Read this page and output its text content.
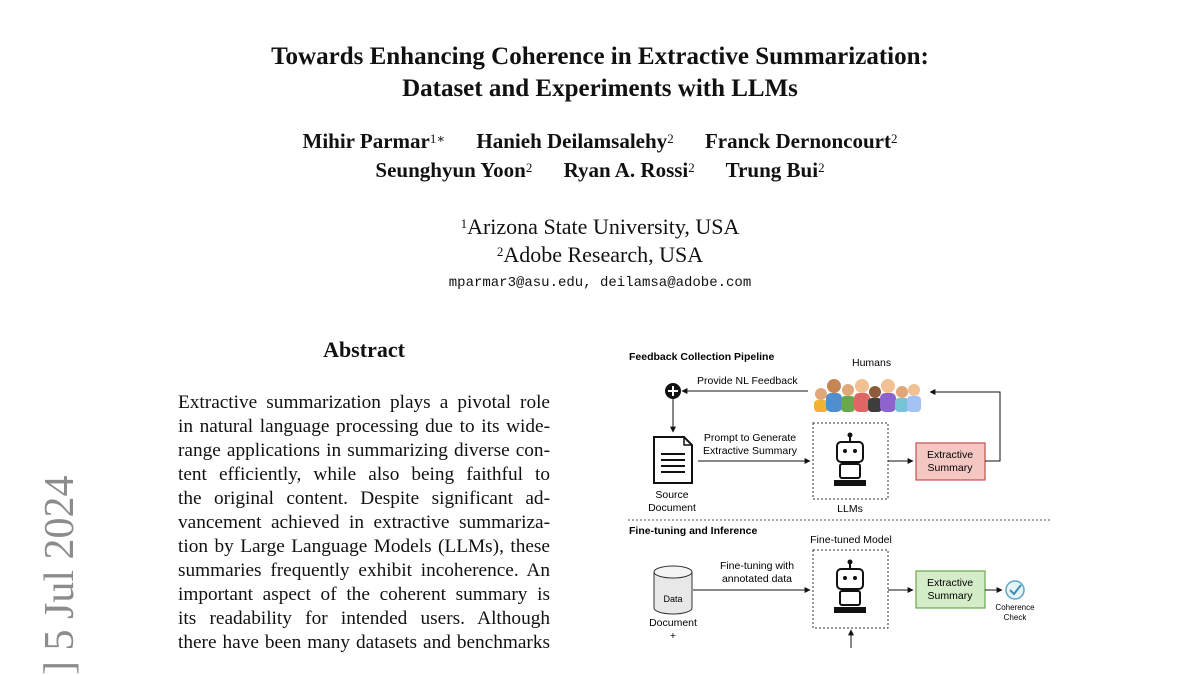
] 5 Jul 2024
Towards Enhancing Coherence in Extractive Summarization:
Dataset and Experiments with LLMs
Mihir Parmar$^{1∗}$ Hanieh Deilamsalehy$^2$ Franck Dernoncourt$^2$
Seunghyun Yoon$^2$ Ryan A. Rossi$^2$ Trung Bui$^2$
$^1$Arizona State University, USA
$^2$Adobe Research, USA
mparmar3@asu.edu, deilamsa@adobe.com
Abstract
Extractive summarization plays a pivotal role
in natural language processing due to its wide-
range applications in summarizing diverse con-
tent efficiently, while also being faithful to
the original content. Despite significant ad-
vancement achieved in extractive summariza-
tion by Large Language Models (LLMs), these
summaries frequently exhibit incoherence. An
important aspect of the coherent summary is
its readability for intended users. Although
there have been many datasets and benchmarks
Feedback Collection Pipeline	Humans
Provide NL Feedback
Source
Document
Prompt to Generate
Extractive Summary
LLMs
Extractive
Summary
Fine-tuning and Inference
Fine-tuned Model
Data
Document
+
Fine-tuning with
annotated data	Extractive
Summary
Coherence
Check
